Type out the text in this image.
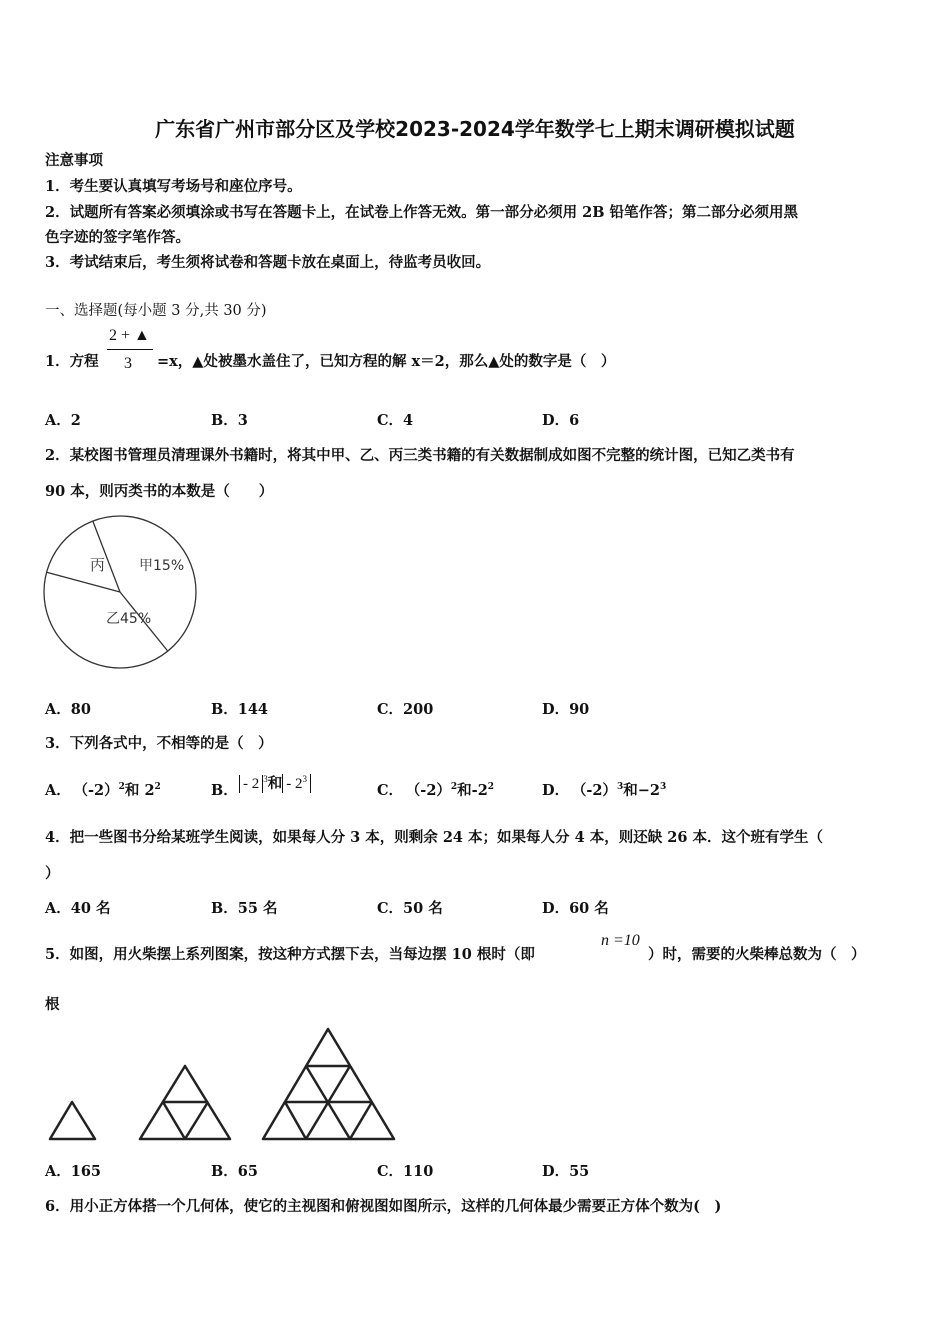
广东省广州市部分区及学校2023-2024学年数学七上期末调研模拟试题
注意事项
1．考生要认真填写考场号和座位序号。
2．试题所有答案必须填涂或书写在答题卡上，在试卷上作答无效。第一部分必须用 2B 铅笔作答；第二部分必须用黑
色字迹的签字笔作答。
3．考试结束后，考生须将试卷和答题卡放在桌面上，待监考员收回。
一、选择题(每小题 3 分,共 30 分)
1．方程
2 + ▲
3 =x，▲处被墨水盖住了，已知方程的解 x＝2，那么▲处的数字是（　）
A．2	B．3	C．4	D．6
2．某校图书管理员清理课外书籍时，将其中甲、乙、丙三类书籍的有关数据制成如图不完整的统计图，已知乙类书有
90 本，则丙类书的本数是（　　）
丙 甲15%
乙45%
A．80	B．144	C．200	D．90
3．下列各式中，不相等的是（　）
A． $(-2)^2$和 $2^2$	B． - 2 $^3$和 - $2^3$
C． $(-2)^2$和$-2^2$	D． $(-2)^3$和$-2^3$
4．把一些图书分给某班学生阅读，如果每人分 3 本，则剩余 24 本；如果每人分 4 本，则还缺 26 本．这个班有学生（
）
A．40 名	B．55 名	C．50 名	D．60 名
5．如图，用火柴摆上系列图案，按这种方式摆下去，当每边摆 10 根时（即
n =10
）时，需要的火柴棒总数为（　）
根
A．165	B．65	C．110	D．55
6．用小正方体搭一个几何体，使它的主视图和俯视图如图所示，这样的几何体最少需要正方体个数为(　)
